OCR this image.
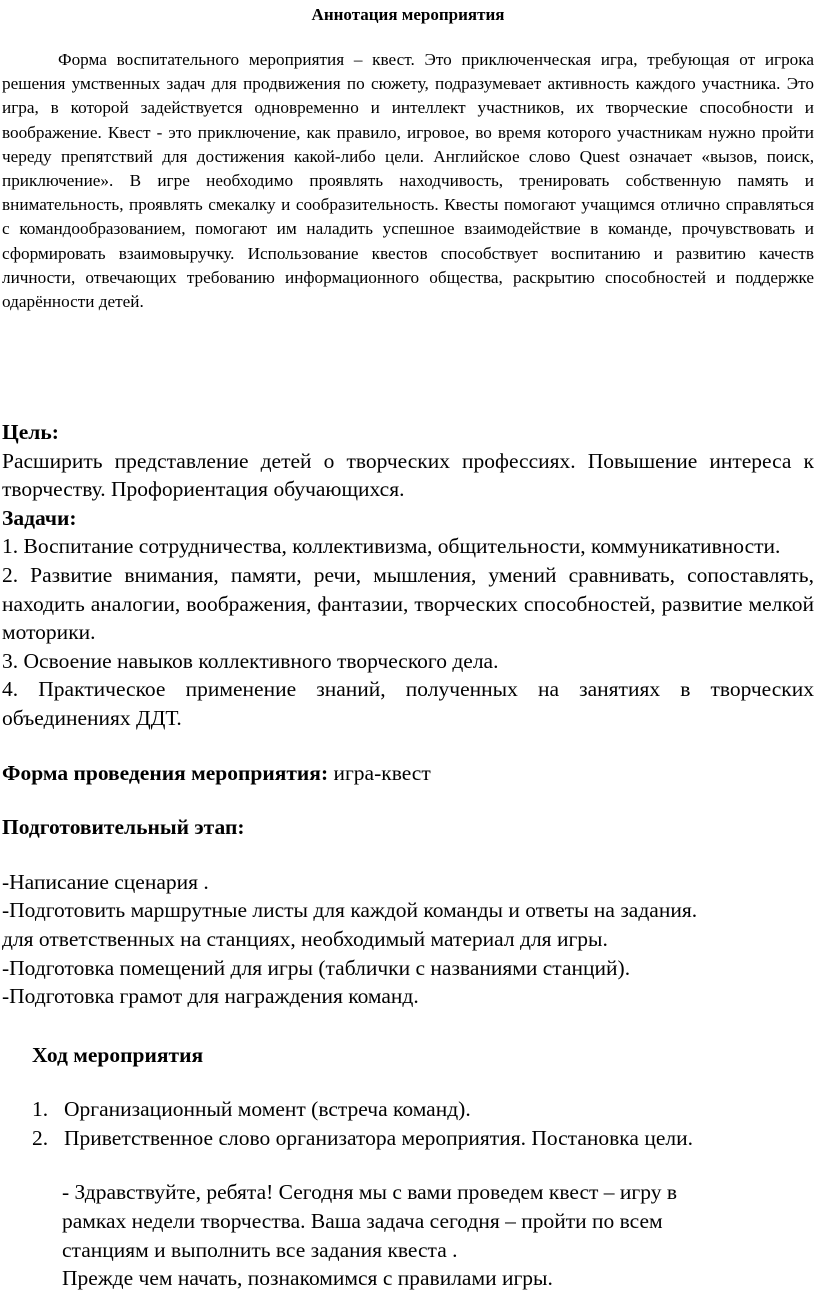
Аннотация мероприятия

Форма воспитательного мероприятия – квест. Это приключенческая игра, требующая от игрока решения умственных задач для продвижения по сюжету, подразумевает активность каждого участника. Это игра, в которой задействуется одновременно и интеллект участников, их творческие способности и воображение. Квест - это приключение, как правило, игровое, во время которого участникам нужно пройти череду препятствий для достижения какой-либо цели. Английское слово Quest означает «вызов, поиск, приключение». В игре необходимо проявлять находчивость, тренировать собственную память и внимательность, проявлять смекалку и сообразительность. Квесты помогают учащимся отлично справляться с командообразованием, помогают им наладить успешное взаимодействие в команде, прочувствовать и сформировать взаимовыручку. Использование квестов способствует воспитанию и развитию качеств личности, отвечающих требованию информационного общества, раскрытию способностей и поддержке одарённости детей.

Цель:

Расширить представление детей о творческих профессиях. Повышение интереса к творчеству. Профориентация обучающихся.

Задачи:

1. Воспитание сотрудничества, коллективизма, общительности, коммуникативности.

2. Развитие внимания, памяти, речи, мышления, умений сравнивать, сопоставлять, находить аналогии, воображения, фантазии, творческих способностей, развитие мелкой моторики.

3. Освоение навыков коллективного творческого дела.

4. Практическое применение знаний, полученных на занятиях в творческих объединениях ДДТ.

Форма проведения мероприятия: игра-квест

Подготовительный этап:

-Написание сценария .

-Подготовить маршрутные листы для каждой команды и ответы на задания.

для ответственных на станциях, необходимый материал для игры.

-Подготовка помещений для игры (таблички с названиями станций).

-Подготовка грамот для награждения команд.

Ход мероприятия

1. Организационный момент (встреча команд).
2. Приветственное слово организатора мероприятия. Постановка цели.

- Здравствуйте, ребята! Сегодня мы с вами проведем квест – игру в

рамках недели творчества. Ваша задача сегодня – пройти по всем

станциям и выполнить все задания квеста .

Прежде чем начать, познакомимся с правилами игры.
